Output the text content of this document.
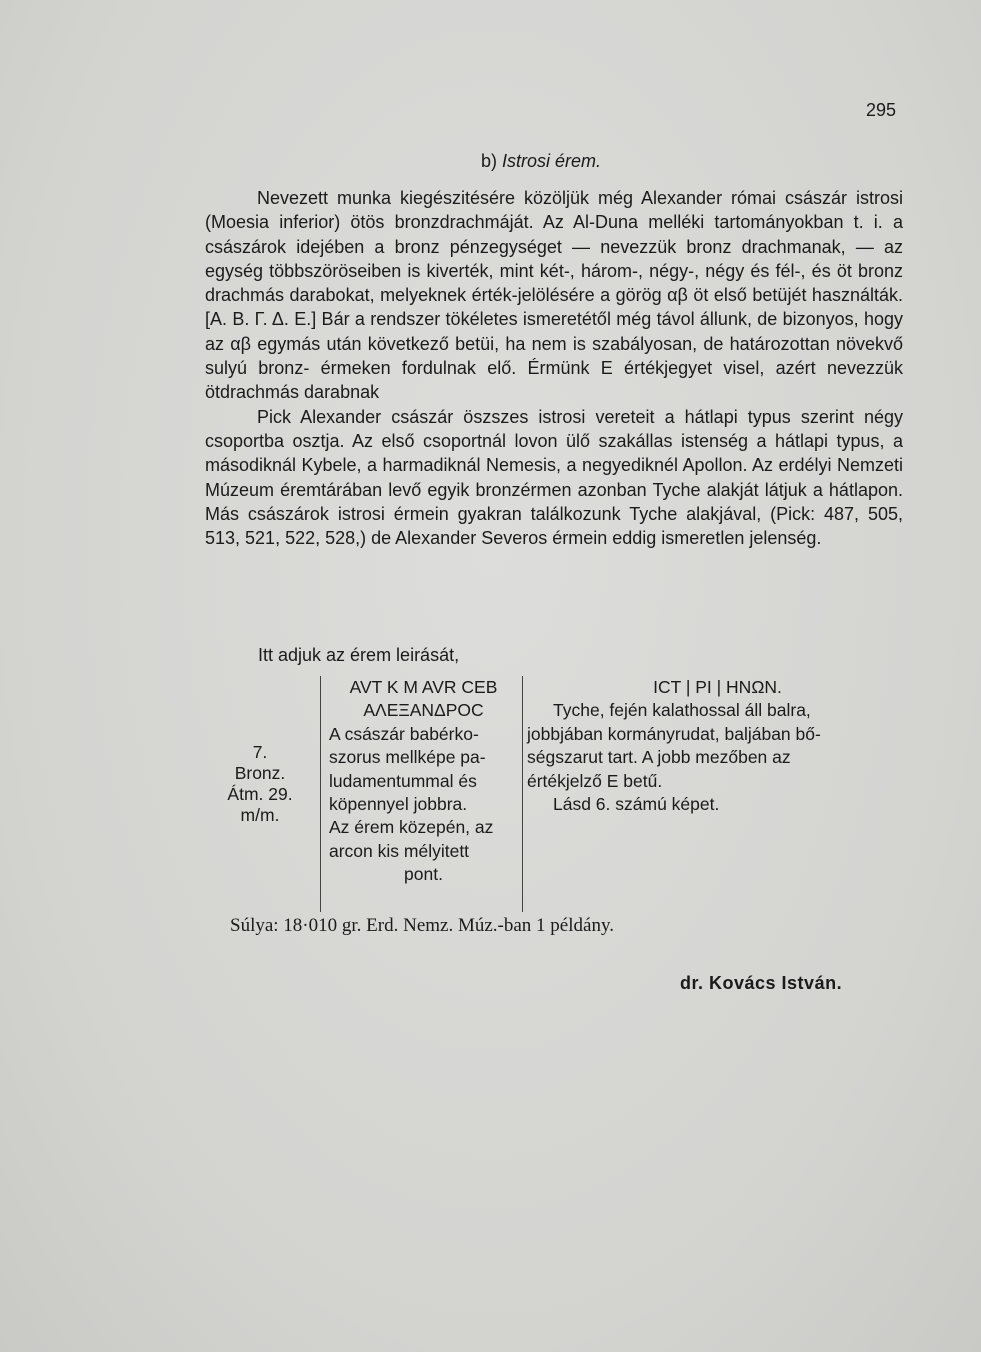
295
b) Istrosi érem.

Nevezett munka kiegészitésére közöljük még Alexander római császár istrosi (Moesia inferior) ötös bronzdrachmáját. Az Al-Duna melléki tartományokban t. i. a császárok idejében a bronz pénzegységet — nevezzük bronz drachmanak, — az egység többszöröseiben is kiverték, mint két-, három-, négy-, négy és fél-, és öt bronz drachmás darabokat, melyeknek érték-jelölésére a görög αβ öt első betüjét használták. [A. B. Γ. Δ. E.] Bár a rendszer tökéletes ismeretétől még távol állunk, de bizonyos, hogy az αβ egymás után következő betüi, ha nem is szabályosan, de határozottan növekvő sulyú bronz- érmeken fordulnak elő. Érmünk E értékjegyet visel, azért nevezzük ötdrachmás darabnak

Pick Alexander császár öszszes istrosi vereteit a hátlapi typus szerint négy csoportba osztja. Az első csoportnál lovon ülő szakállas istenség a hátlapi typus, a másodiknál Kybele, a harmadiknál Nemesis, a negyediknél Apollon. Az erdélyi Nemzeti Múzeum éremtárában levő egyik bronzérmen azonban Tyche alakját látjuk a hátlapon. Más császárok istrosi érmein gyakran találkozunk Tyche alakjával, (Pick: 487, 505, 513, 521, 522, 528,) de Alexander Severos érmein eddig ismeretlen jelenség.

Itt adjuk az érem leirását,
7.
Bronz.
Átm. 29.
m/m.
AVT K M AVR CEB
ΑΛΕΞΑΝΔΡΟC
A császár babérko-
szorus mellképe pa-
ludamentummal és
köpennyel jobbra.
Az érem közepén, az
arcon kis mélyitett
pont.
ICT | PI | HNΩN.
Tyche, fején kalathossal áll balra,
jobbjában kormányrudat, baljában bő-
ségszarut tart. A jobb mezőben az
értékjelző E betű.
Lásd 6. számú képet.
Súlya: 18·010 gr. Erd. Nemz. Múz.-ban 1 példány.
dr. Kovács István.
